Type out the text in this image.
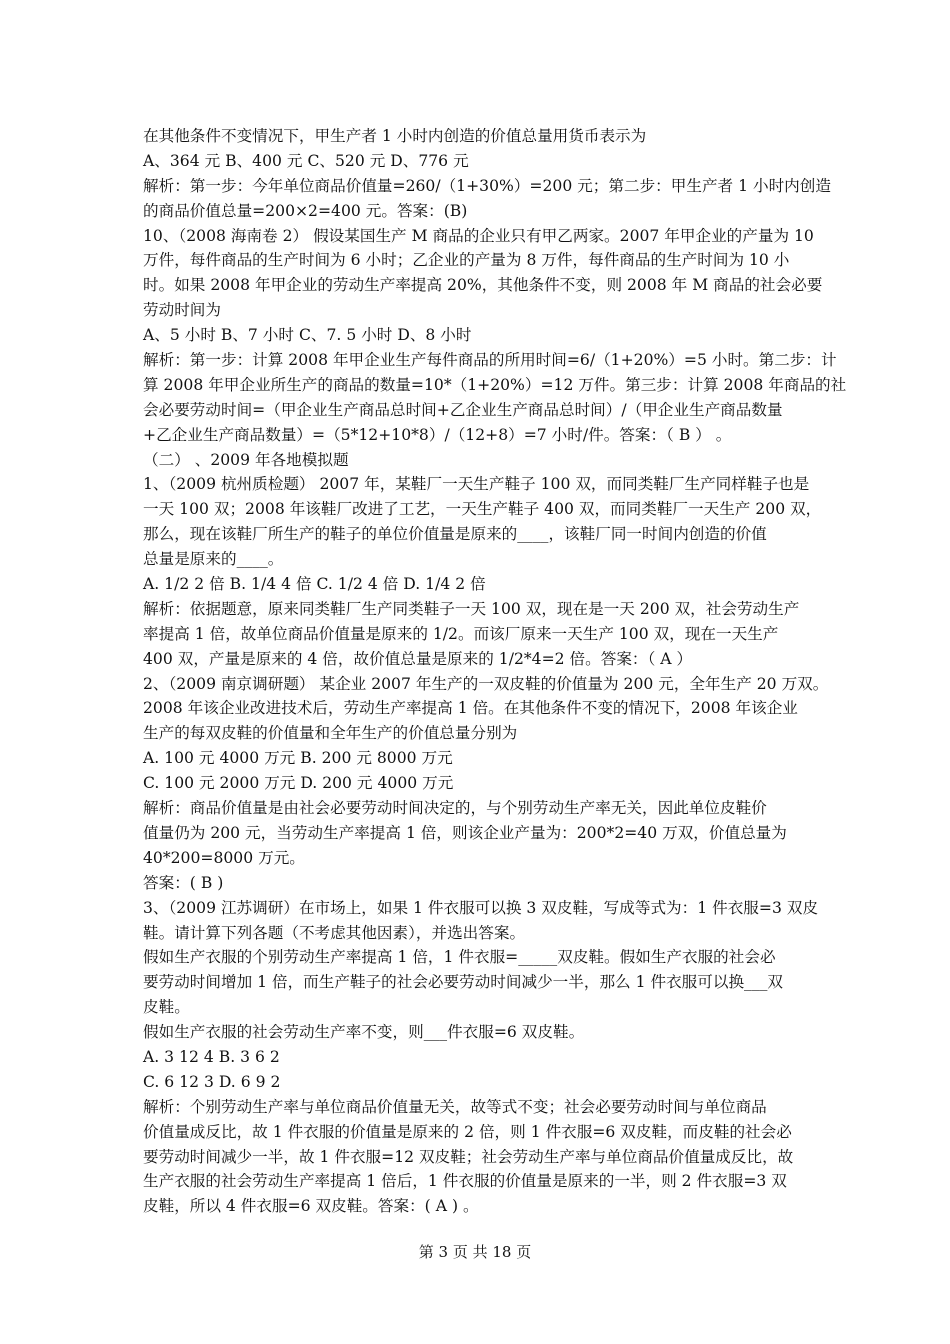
在其他条件不变情况下，甲生产者 1 小时内创造的价值总量用货币表示为
A、364 元 B、400 元 C、520 元 D、776 元
解析：第一步：今年单位商品价值量=260/（1+30%）=200 元；第二步：甲生产者 1 小时内创造
的商品价值总量=200×2=400 元。答案：(B)
10、（2008 海南卷 2） 假设某国生产 M 商品的企业只有甲乙两家。2007 年甲企业的产量为 10
万件，每件商品的生产时间为 6 小时；乙企业的产量为 8 万件，每件商品的生产时间为 10 小
时。如果 2008 年甲企业的劳动生产率提高 20%，其他条件不变，则 2008 年 M 商品的社会必要
劳动时间为
A、5 小时 B、7 小时 C、7. 5 小时 D、8 小时
解析：第一步：计算 2008 年甲企业生产每件商品的所用时间=6/（1+20%）=5 小时。第二步：计
算 2008 年甲企业所生产的商品的数量=10*（1+20%）=12 万件。第三步：计算 2008 年商品的社
会必要劳动时间=（甲企业生产商品总时间+乙企业生产商品总时间）/（甲企业生产商品数量
+乙企业生产商品数量）=（5*12+10*8）/（12+8）=7 小时/件。答案：（ B ） 。
（二） 、2009 年各地模拟题
1、（2009 杭州质检题） 2007 年，某鞋厂一天生产鞋子 100 双，而同类鞋厂生产同样鞋子也是
一天 100 双；2008 年该鞋厂改进了工艺，一天生产鞋子 400 双，而同类鞋厂一天生产 200 双，
那么，现在该鞋厂所生产的鞋子的单位价值量是原来的____，该鞋厂同一时间内创造的价值
总量是原来的____。
A. 1/2 2 倍 B. 1/4 4 倍 C. 1/2 4 倍 D. 1/4 2 倍
解析：依据题意，原来同类鞋厂生产同类鞋子一天 100 双，现在是一天 200 双，社会劳动生产
率提高 1 倍，故单位商品价值量是原来的 1/2。而该厂原来一天生产 100 双，现在一天生产
400 双，产量是原来的 4 倍，故价值总量是原来的 1/2*4=2 倍。答案：（ A ）
2、（2009 南京调研题） 某企业 2007 年生产的一双皮鞋的价值量为 200 元，全年生产 20 万双。
2008 年该企业改进技术后，劳动生产率提高 1 倍。在其他条件不变的情况下，2008 年该企业
生产的每双皮鞋的价值量和全年生产的价值总量分别为
A. 100 元 4000 万元 B. 200 元 8000 万元
C. 100 元 2000 万元 D. 200 元 4000 万元
解析：商品价值量是由社会必要劳动时间决定的，与个别劳动生产率无关，因此单位皮鞋价
值量仍为 200 元，当劳动生产率提高 1 倍，则该企业产量为：200*2=40 万双，价值总量为
40*200=8000 万元。
答案：( B )
3、（2009 江苏调研）在市场上，如果 1 件衣服可以换 3 双皮鞋，写成等式为：1 件衣服=3 双皮
鞋。请计算下列各题（不考虑其他因素），并选出答案。
假如生产衣服的个别劳动生产率提高 1 倍，1 件衣服=_____双皮鞋。假如生产衣服的社会必
要劳动时间增加 1 倍，而生产鞋子的社会必要劳动时间减少一半，那么 1 件衣服可以换___双
皮鞋。
假如生产衣服的社会劳动生产率不变，则___件衣服=6 双皮鞋。
A. 3 12 4 B. 3 6 2
C. 6 12 3 D. 6 9 2
解析：个别劳动生产率与单位商品价值量无关，故等式不变；社会必要劳动时间与单位商品
价值量成反比，故 1 件衣服的价值量是原来的 2 倍，则 1 件衣服=6 双皮鞋，而皮鞋的社会必
要劳动时间减少一半，故 1 件衣服=12 双皮鞋；社会劳动生产率与单位商品价值量成反比，故
生产衣服的社会劳动生产率提高 1 倍后，1 件衣服的价值量是原来的一半，则 2 件衣服=3 双
皮鞋，所以 4 件衣服=6 双皮鞋。答案：( A ) 。
第 3 页 共 18 页
